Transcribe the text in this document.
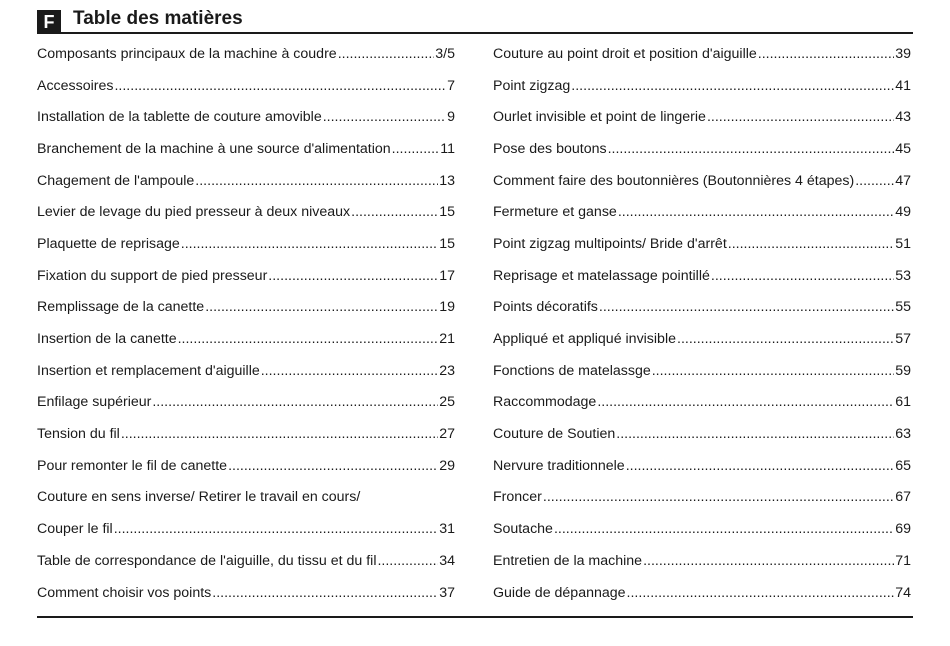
F Table des matières
Composants principaux de la machine à coudre .....	3/5
Accessoires .....	7
Installation de la tablette de couture amovible .....	9
Branchement de la machine à une source d'alimentation .....	11
Chagement de l'ampoule .....	13
Levier de levage du pied presseur à deux niveaux .....	15
Plaquette de reprisage .....	15
Fixation du support de pied presseur .....	17
Remplissage de la canette .....	19
Insertion de la canette .....	21
Insertion et remplacement d'aiguille .....	23
Enfilage supérieur .....	25
Tension du fil .....	27
Pour remonter le fil de canette .....	29
Couture en sens inverse/ Retirer le travail en cours/
Couper le fil .....	31
Table de correspondance de l'aiguille, du tissu et du fil .....	34
Comment choisir vos points .....	37
Couture au point droit et position d'aiguille .....	39
Point zigzag .....	41
Ourlet invisible et point de lingerie .....	43
Pose des boutons .....	45
Comment faire des boutonnières (Boutonnières 4 étapes) .....	47
Fermeture et ganse .....	49
Point zigzag multipoints/ Bride d'arrêt .....	51
Reprisage et matelassage pointillé .....	53
Points décoratifs .....	55
Appliqué et appliqué invisible .....	57
Fonctions de matelassge .....	59
Raccommodage .....	61
Couture de Soutien .....	63
Nervure traditionnele .....	65
Froncer .....	67
Soutache .....	69
Entretien de la machine .....	71
Guide de dépannage .....	74
